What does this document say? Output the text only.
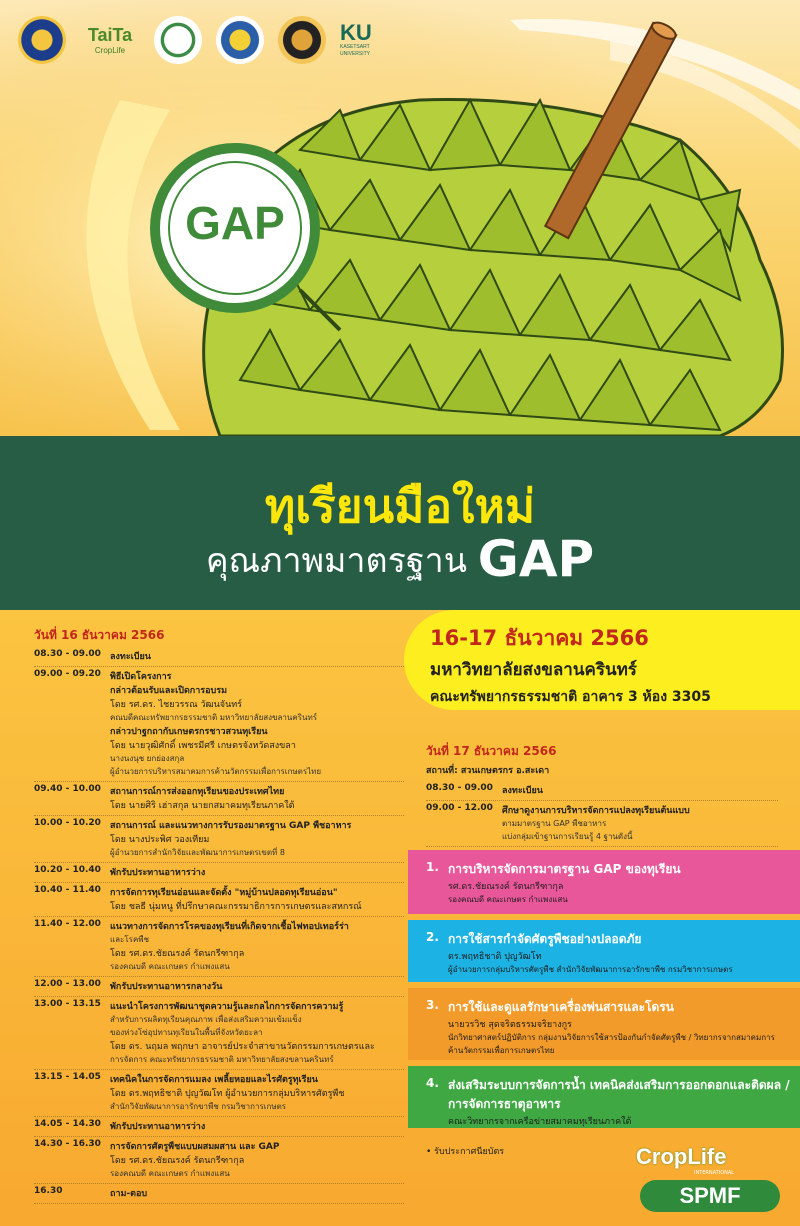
GAP
TaiTa
CropLife
KU
KASETSART UNIVERSITY
ทุเรียนมือใหม่
คุณภาพมาตรฐาน GAP
16-17 ธันวาคม 2566
มหาวิทยาลัยสงขลานครินทร์
คณะทรัพยากรธรรมชาติ อาคาร 3 ห้อง 3305
วันที่ 16 ธันวาคม 2566
08.30 - 09.00	ลงทะเบียน
09.00 - 09.20	พิธีเปิดโครงการ
กล่าวต้อนรับและเปิดการอบรม
โดย รศ.ดร. ไชยวรรณ วัฒนจันทร์
คณบดีคณะทรัพยากรธรรมชาติ มหาวิทยาลัยสงขลานครินทร์
กล่าวปาฐกถากับเกษตรกรชาวสวนทุเรียน
โดย นายวุฒิศักดิ์ เพชรมีศรี เกษตรจังหวัดสงขลา
นางนงนุช ยกย่องสกุล
ผู้อำนวยการบริหารสมาคมการค้านวัตกรรมเพื่อการเกษตรไทย
09.40 - 10.00	สถานการณ์การส่งออกทุเรียนของประเทศไทย
โดย นายศิริ เฮ่าสกุล นายกสมาคมทุเรียนภาคใต้
10.00 - 10.20	สถานการณ์ และแนวทางการรับรองมาตรฐาน GAP พืชอาหาร
โดย นางประพิศ วองเทียม
ผู้อำนวยการสำนักวิจัยและพัฒนาการเกษตรเขตที่ 8
10.20 - 10.40	พักรับประทานอาหารว่าง
10.40 - 11.40	การจัดการทุเรียนอ่อนและจัดตั้ง "หมู่บ้านปลอดทุเรียนอ่อน"
โดย ชลธี นุ่มหนู ที่ปรึกษาคณะกรรมาธิการการเกษตรและสหกรณ์
11.40 - 12.00	แนวทางการจัดการโรคของทุเรียนที่เกิดจากเชื้อไฟทอปเทอร์ร่า
และโรคพืช
โดย รศ.ดร.ชัยณรงค์ รัตนกรีฑากุล
รองคณบดี คณะเกษตร กำแพงแสน
12.00 - 13.00	พักรับประทานอาหารกลางวัน
13.00 - 13.15	แนะนำโครงการพัฒนาชุดความรู้และกลไกการจัดการความรู้
สำหรับการผลิตทุเรียนคุณภาพ เพื่อส่งเสริมความเข้มแข็ง
ของห่วงโซ่อุปทานทุเรียนในพื้นที่จังหวัดยะลา
โดย ดร. นฤมล พฤกษา อาจารย์ประจำสาขานวัตกรรมการเกษตรและ
การจัดการ คณะทรัพยากรธรรมชาติ มหาวิทยาลัยสงขลานครินทร์
13.15 - 14.05	เทคนิคในการจัดการแมลง เพลี้ยหอยและไรศัตรูทุเรียน
โดย ดร.พฤทธิชาติ ปุญวัฒโท ผู้อำนวยการกลุ่มบริหารศัตรูพืช
สำนักวิจัยพัฒนาการอารักขาพืช กรมวิชาการเกษตร
14.05 - 14.30	พักรับประทานอาหารว่าง
14.30 - 16.30	การจัดการศัตรูพืชแบบผสมผสาน และ GAP
โดย รศ.ดร.ชัยณรงค์ รัตนกรีฑากุล
รองคณบดี คณะเกษตร กำแพงแสน
16.30	ถาม-ตอบ
วันที่ 17 ธันวาคม 2566
สถานที่: สวนเกษตรกร อ.สะเดา
08.30 - 09.00	ลงทะเบียน
09.00 - 12.00	ศึกษาดูงานการบริหารจัดการแปลงทุเรียนต้นแบบ
ตามมาตรฐาน GAP พืชอาหาร
แบ่งกลุ่มเข้าฐานการเรียนรู้ 4 ฐานดังนี้
1. การบริหารจัดการมาตรฐาน GAP ของทุเรียน
รศ.ดร.ชัยณรงค์ รัตนกรีฑากุล
รองคณบดี คณะเกษตร กำแพงแสน
2. การใช้สารกำจัดศัตรูพืชอย่างปลอดภัย
ดร.พฤทธิชาติ ปุญวัฒโท
ผู้อำนวยการกลุ่มบริหารศัตรูพืช สำนักวิจัยพัฒนาการอารักขาพืช กรมวิชาการเกษตร
3. การใช้และดูแลรักษาเครื่องพ่นสารและโดรน
นายวรวิช สุดจริตธรรมจริยางกูร
นักวิทยาศาสตร์ปฏิบัติการ กลุ่มงานวิจัยการใช้สารป้องกันกำจัดศัตรูพืช / วิทยากรจากสมาคมการค้านวัตกรรมเพื่อการเกษตรไทย
4. ส่งเสริมระบบการจัดการน้ำ เทคนิคส่งเสริมการออกดอกและติดผล / การจัดการธาตุอาหาร
คณะวิทยากรจากเครือข่ายสมาคมทุเรียนภาคใต้
• รับประกาศนียบัตร	CropLife
INTERNATIONAL
SPMF
